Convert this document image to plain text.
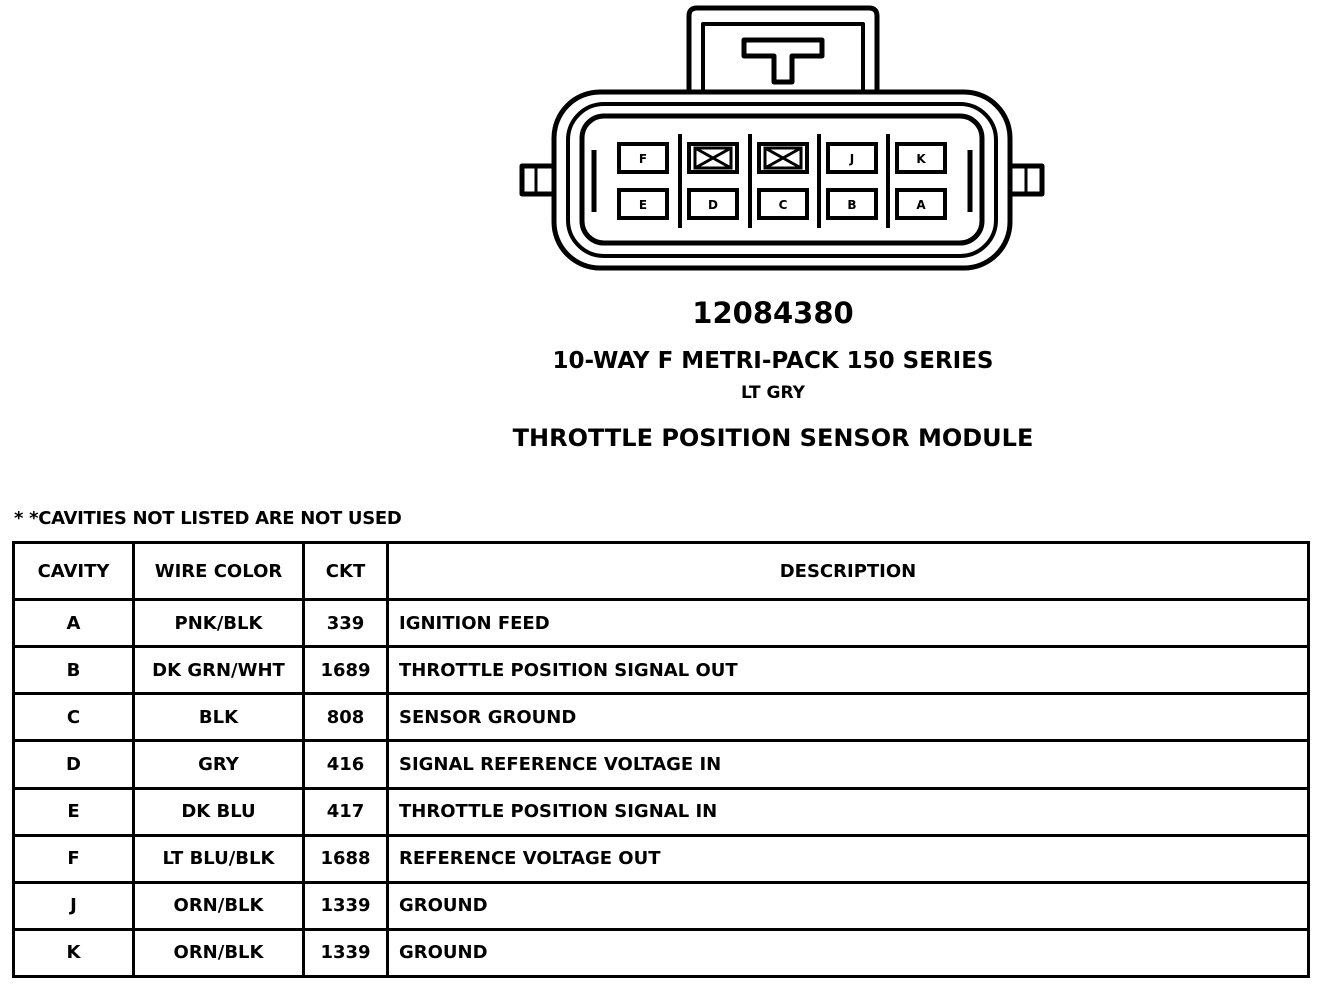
F	J	K
E	D	C	B	A
12084380
10-WAY F METRI-PACK 150 SERIES
LT GRY
THROTTLE POSITION SENSOR MODULE
* *CAVITIES NOT LISTED ARE NOT USED
CAVITY	WIRE COLOR	CKT	DESCRIPTION
A	PNK/BLK	339	IGNITION FEED
B	DK GRN/WHT	1689	THROTTLE POSITION SIGNAL OUT
C	BLK	808	SENSOR GROUND
D	GRY	416	SIGNAL REFERENCE VOLTAGE IN
E	DK BLU	417	THROTTLE POSITION SIGNAL IN
F	LT BLU/BLK	1688	REFERENCE VOLTAGE OUT
J	ORN/BLK	1339	GROUND
K	ORN/BLK	1339	GROUND
